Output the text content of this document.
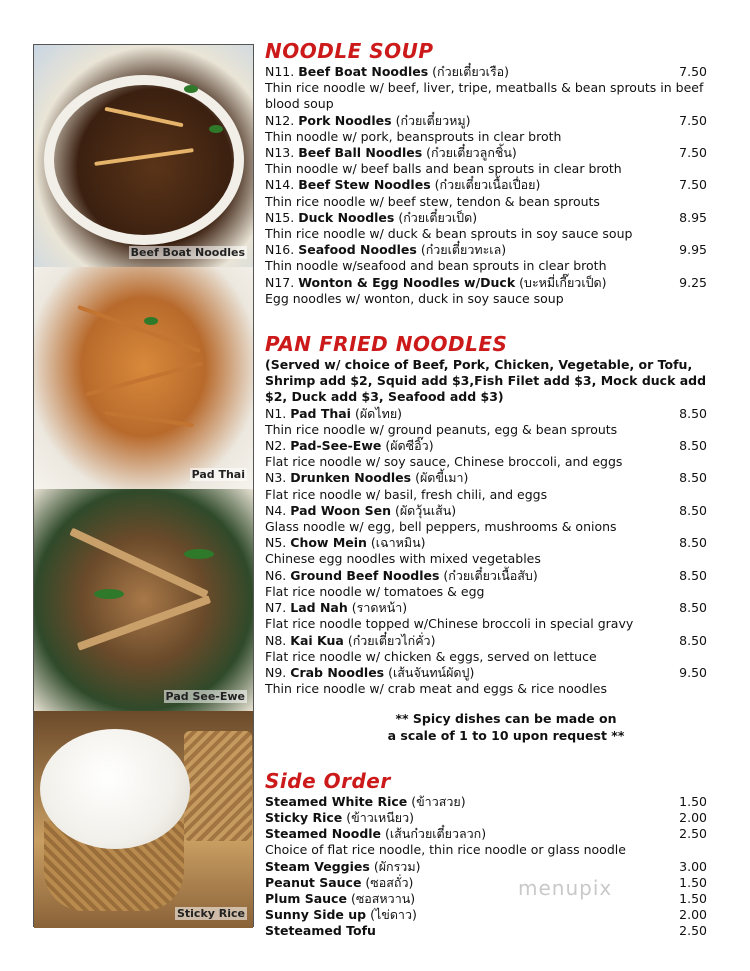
Beef Boat Noodles
Pad Thai
Pad See-Ewe
Sticky Rice
NOODLE SOUP
N11. Beef Boat Noodles (ก๋วยเตี๋ยวเรือ)	7.50
Thin rice noodle w/ beef, liver, tripe, meatballs & bean sprouts in beef blood soup
N12. Pork Noodles (ก๋วยเตี๋ยวหมู)	7.50
Thin noodle w/ pork, beansprouts in clear broth
N13. Beef Ball Noodles (ก๋วยเตี๋ยวลูกชิ้น)	7.50
Thin noodle w/ beef balls and bean sprouts in clear broth
N14. Beef Stew Noodles (ก๋วยเตี๋ยวเนื้อเปื่อย)	7.50
Thin rice noodle w/ beef stew, tendon & bean sprouts
N15. Duck Noodles (ก๋วยเตี๋ยวเป็ด)	8.95
Thin rice noodle w/ duck & bean sprouts in soy sauce soup
N16. Seafood Noodles (ก๋วยเตี๋ยวทะเล)	9.95
Thin noodle w/seafood and bean sprouts in clear broth
N17. Wonton & Egg Noodles w/Duck (บะหมี่เกี๊ยวเป็ด)	9.25
Egg noodles w/ wonton, duck in soy sauce soup
PAN FRIED NOODLES
(Served w/ choice of Beef, Pork, Chicken, Vegetable, or Tofu, Shrimp add $2, Squid add $3,Fish Filet add $3, Mock duck add $2, Duck add $3, Seafood add $3)
N1. Pad Thai (ผัดไทย)	8.50
Thin rice noodle w/ ground peanuts, egg & bean sprouts
N2. Pad-See-Ewe (ผัดซีอิ๊ว)	8.50
Flat rice noodle w/ soy sauce, Chinese broccoli, and eggs
N3. Drunken Noodles (ผัดขี้เมา)	8.50
Flat rice noodle w/ basil, fresh chili, and eggs
N4. Pad Woon Sen (ผัดวุ้นเส้น)	8.50
Glass noodle w/ egg, bell peppers, mushrooms & onions
N5. Chow Mein (เฉาหมิน)	8.50
Chinese egg noodles with mixed vegetables
N6. Ground Beef Noodles (ก๋วยเตี๋ยวเนื้อสับ)	8.50
Flat rice noodle w/ tomatoes & egg
N7. Lad Nah (ราดหน้า)	8.50
Flat rice noodle topped w/Chinese broccoli in special gravy
N8. Kai Kua (ก๋วยเตี๋ยวไก่คั่ว)	8.50
Flat rice noodle w/ chicken & eggs, served on lettuce
N9. Crab Noodles (เส้นจันทน์ผัดปู)	9.50
Thin rice noodle w/ crab meat and eggs & rice noodles
** Spicy dishes can be made on
a scale of 1 to 10 upon request **
Side Order
Steamed White Rice (ข้าวสวย)	1.50
Sticky Rice (ข้าวเหนียว)	2.00
Steamed Noodle (เส้นก๋วยเตี๋ยวลวก)	2.50
Choice of flat rice noodle, thin rice noodle or glass noodle
Steam Veggies (ผักรวม)	3.00
Peanut Sauce (ซอสถั่ว)	1.50
Plum Sauce (ซอสหวาน)	1.50
Sunny Side up (ไข่ดาว)	2.00
Steteamed Tofu	2.50
menupix
